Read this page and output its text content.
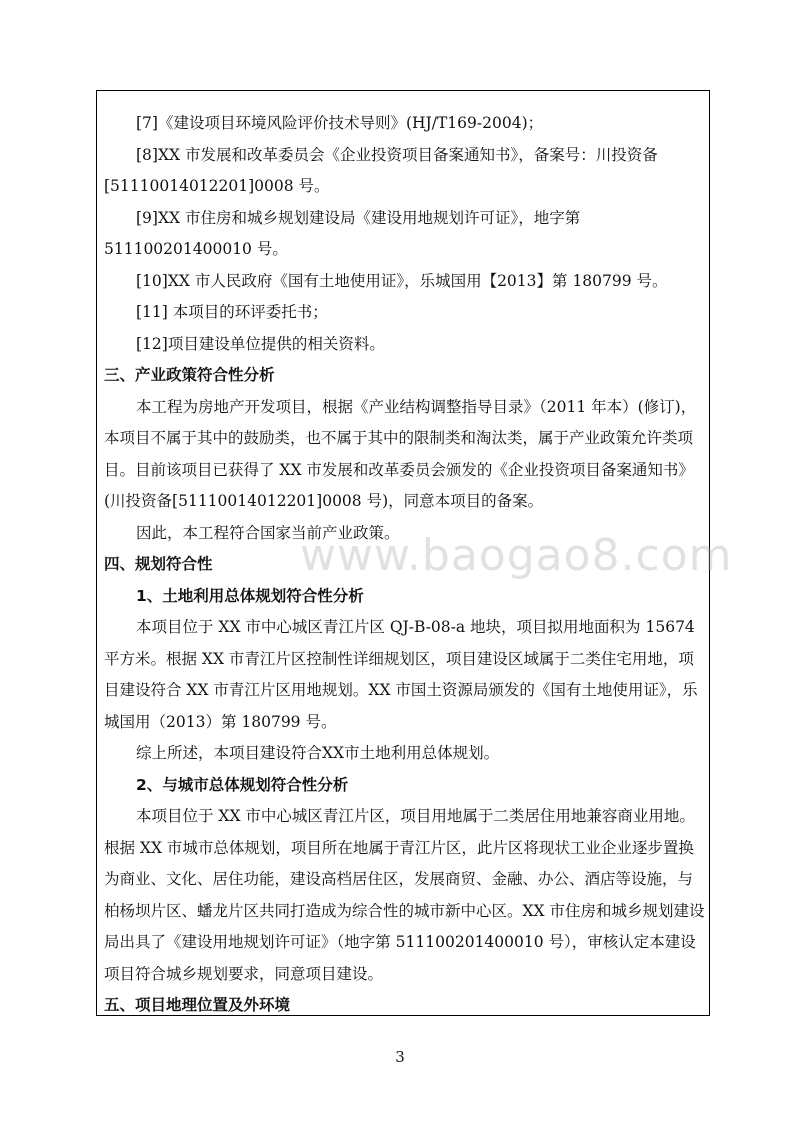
[7]《建设项目环境风险评价技术导则》(HJ/T169-2004)；

[8]XX 市发展和改革委员会《企业投资项目备案通知书》，备案号：川投资备[51110014012201]0008 号。

[9]XX 市住房和城乡规划建设局《建设用地规划许可证》，地字第 511100201400010 号。

[10]XX 市人民政府《国有土地使用证》，乐城国用【2013】第 180799 号。

[11] 本项目的环评委托书；

[12]项目建设单位提供的相关资料。

三、产业政策符合性分析

本工程为房地产开发项目，根据《产业结构调整指导目录》（2011 年本）(修订)，本项目不属于其中的鼓励类，也不属于其中的限制类和淘汰类，属于产业政策允许类项目。目前该项目已获得了 XX 市发展和改革委员会颁发的《企业投资项目备案通知书》(川投资备[51110014012201]0008 号)，同意本项目的备案。

因此，本工程符合国家当前产业政策。

四、规划符合性

1、土地利用总体规划符合性分析

本项目位于 XX 市中心城区青江片区 QJ-B-08-a 地块，项目拟用地面积为 15674 平方米。根据 XX 市青江片区控制性详细规划区，项目建设区域属于二类住宅用地，项目建设符合 XX 市青江片区用地规划。XX 市国土资源局颁发的《国有土地使用证》，乐城国用（2013）第 180799 号。

综上所述，本项目建设符合XX市土地利用总体规划。

2、与城市总体规划符合性分析

本项目位于 XX 市中心城区青江片区，项目用地属于二类居住用地兼容商业用地。根据 XX 市城市总体规划，项目所在地属于青江片区，此片区将现状工业企业逐步置换为商业、文化、居住功能，建设高档居住区，发展商贸、金融、办公、酒店等设施，与柏杨坝片区、蟠龙片区共同打造成为综合性的城市新中心区。XX 市住房和城乡规划建设局出具了《建设用地规划许可证》（地字第 511100201400010 号），审核认定本建设项目符合城乡规划要求，同意项目建设。

五、项目地理位置及外环境

www.baogao8.com
3
